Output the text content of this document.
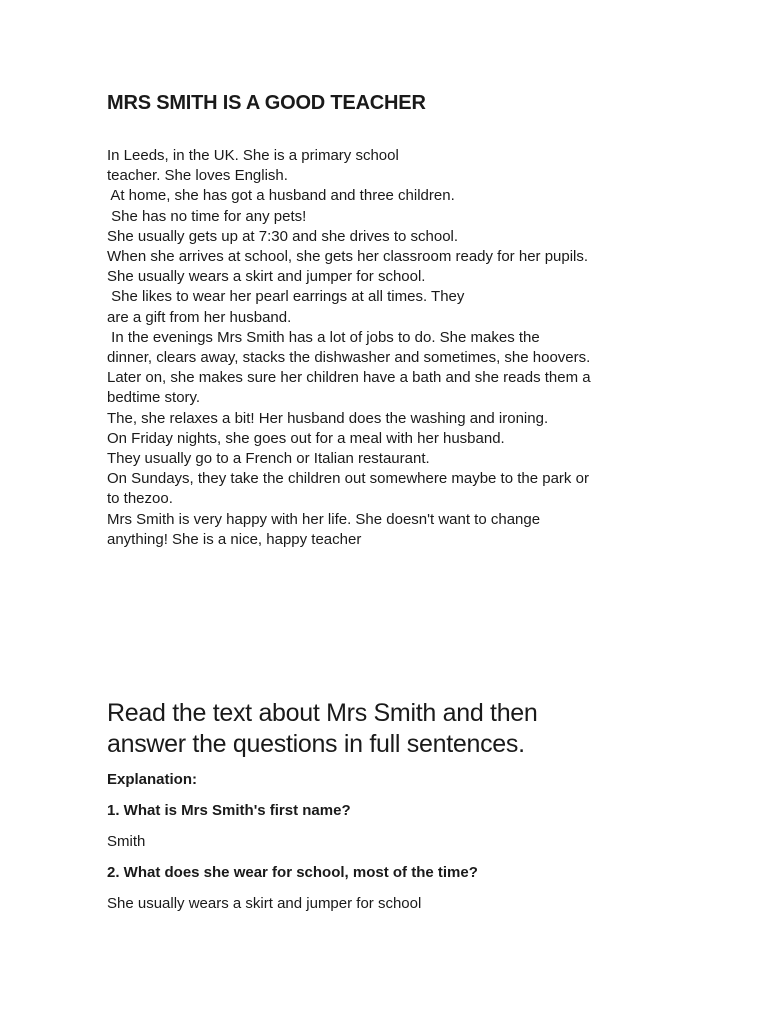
MRS SMITH IS A GOOD TEACHER
In Leeds, in the UK. She is a primary school
teacher. She loves English.
At home, she has got a husband and three children.
She has no time for any pets!
She usually gets up at 7:30 and she drives to school.
When she arrives at school, she gets her classroom ready for her pupils.
She usually wears a skirt and jumper for school.
She likes to wear her pearl earrings at all times. They
are a gift from her husband.
In the evenings Mrs Smith has a lot of jobs to do. She makes the
dinner, clears away, stacks the dishwasher and sometimes, she hoovers.
Later on, she makes sure her children have a bath and she reads them a
bedtime story.
The, she relaxes a bit! Her husband does the washing and ironing.
On Friday nights, she goes out for a meal with her husband.
They usually go to a French or Italian restaurant.
On Sundays, they take the children out somewhere maybe to the park or
to thezoo.
Mrs Smith is very happy with her life. She doesn't want to change
anything! She is a nice, happy teacher
Read the text about Mrs Smith and then
answer the questions in full sentences.

Explanation:

1. What is Mrs Smith's first name?

Smith

2. What does she wear for school, most of the time?

She usually wears a skirt and jumper for school
